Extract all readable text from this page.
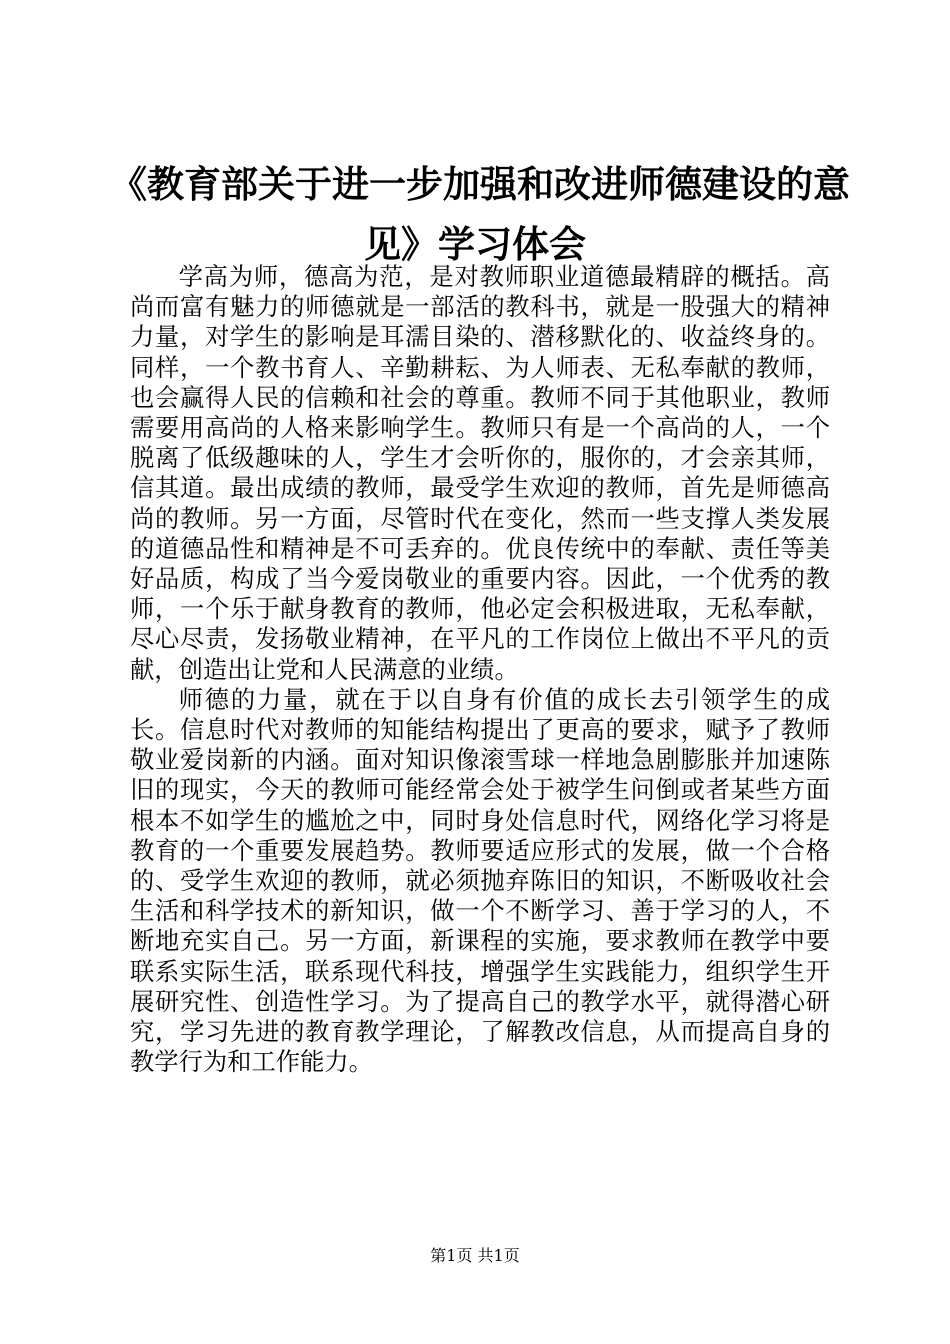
《教育部关于进一步加强和改进师德建设的意
见》学习体会

学高为师，德高为范，是对教师职业道德最精辟的概括。高尚而富有魅力的师德就是一部活的教科书，就是一股强大的精神力量，对学生的影响是耳濡目染的、潜移默化的、收益终身的。同样，一个教书育人、辛勤耕耘、为人师表、无私奉献的教师，也会赢得人民的信赖和社会的尊重。教师不同于其他职业，教师需要用高尚的人格来影响学生。教师只有是一个高尚的人，一个脱离了低级趣味的人，学生才会听你的，服你的，才会亲其师，信其道。最出成绩的教师，最受学生欢迎的教师，首先是师德高尚的教师。另一方面，尽管时代在变化，然而一些支撑人类发展的道德品性和精神是不可丢弃的。优良传统中的奉献、责任等美好品质，构成了当今爱岗敬业的重要内容。因此，一个优秀的教师，一个乐于献身教育的教师，他必定会积极进取，无私奉献，尽心尽责，发扬敬业精神，在平凡的工作岗位上做出不平凡的贡献，创造出让党和人民满意的业绩。

师德的力量，就在于以自身有价值的成长去引领学生的成长。信息时代对教师的知能结构提出了更高的要求，赋予了教师敬业爱岗新的内涵。面对知识像滚雪球一样地急剧膨胀并加速陈旧的现实，今天的教师可能经常会处于被学生问倒或者某些方面根本不如学生的尴尬之中，同时身处信息时代，网络化学习将是教育的一个重要发展趋势。教师要适应形式的发展，做一个合格的、受学生欢迎的教师，就必须抛弃陈旧的知识，不断吸收社会生活和科学技术的新知识，做一个不断学习、善于学习的人，不断地充实自己。另一方面，新课程的实施，要求教师在教学中要联系实际生活，联系现代科技，增强学生实践能力，组织学生开展研究性、创造性学习。为了提高自己的教学水平，就得潜心研究，学习先进的教育教学理论，了解教改信息，从而提高自身的教学行为和工作能力。

第1页 共1页
